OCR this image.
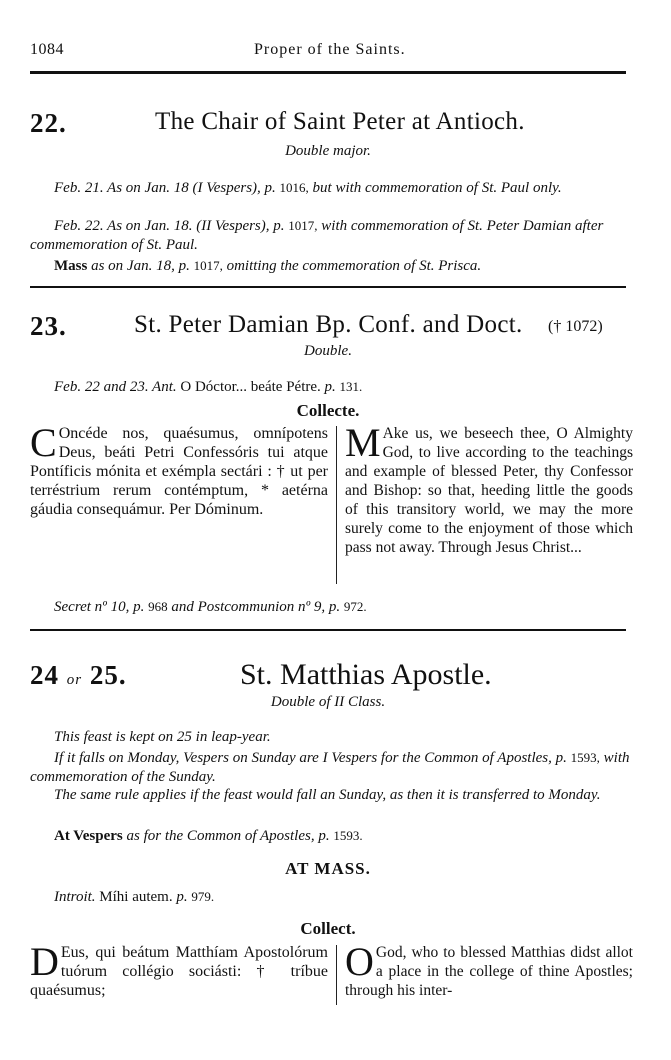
1084	Proper of the Saints.
22.	The Chair of Saint Peter at Antioch.
Double major.
Feb. 21. As on Jan. 18 (I Vespers), p. 1016, but with commemoration of St. Paul only.
Feb. 22. As on Jan. 18. (II Vespers), p. 1017, with commemoration of St. Peter Damian after commemoration of St. Paul.
Mass as on Jan. 18, p. 1017, omitting the commemoration of St. Prisca.
23.	St. Peter Damian Bp. Conf. and Doct. († 1072)
Double.
Feb. 22 and 23. Ant. O Dóctor... beáte Pétre. p. 131.
Collecte.
C Oncéde nos, quaésumus, omnípotens Deus, beáti Petri Confessóris tui atque Pontíficis mónita et exémpla sectári : † ut per terréstrium rerum contémptum, * aetérna gáudia consequámur. Per Dóminum.
M Ake us, we beseech thee, O Almighty God, to live according to the teachings and example of blessed Peter, thy Confessor and Bishop: so that, heeding little the goods of this transitory world, we may the more surely come to the enjoyment of those which pass not away. Through Jesus Christ...
Secret nº 10, p. 968 and Postcommunion nº 9, p. 972.
24 or 25.	St. Matthias Apostle.
Double of II Class.
This feast is kept on 25 in leap-year.
If it falls on Monday, Vespers on Sunday are I Vespers for the Common of Apostles, p. 1593, with commemoration of the Sunday.
The same rule applies if the feast would fall an Sunday, as then it is transferred to Monday.
At Vespers as for the Common of Apostles, p. 1593.
AT MASS.
Introit. Míhi autem. p. 979.
Collect.
D Eus, qui beátum Matthíam Apostolórum tuórum collégio sociásti: † tríbue quaésumus;
O God, who to blessed Matthias didst allot a place in the college of thine Apostles; through his inter-
